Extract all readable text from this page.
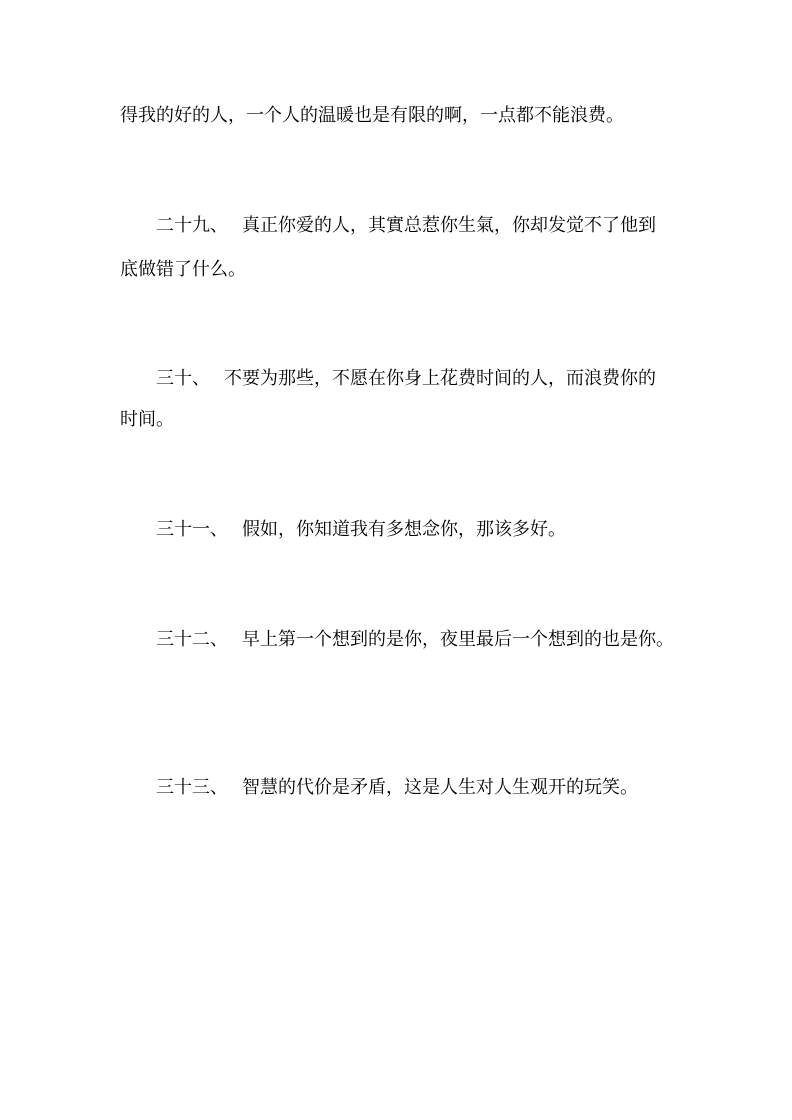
得我的好的人，一个人的温暖也是有限的啊，一点都不能浪费。
二十九、 真正你爱的人，其實总惹你生氣，你却发觉不了他到
底做错了什么。
三十、 不要为那些，不愿在你身上花费时间的人，而浪费你的
时间。
三十一、 假如，你知道我有多想念你，那该多好。
三十二、 早上第一个想到的是你，夜里最后一个想到的也是你。
三十三、 智慧的代价是矛盾，这是人生对人生观开的玩笑。
